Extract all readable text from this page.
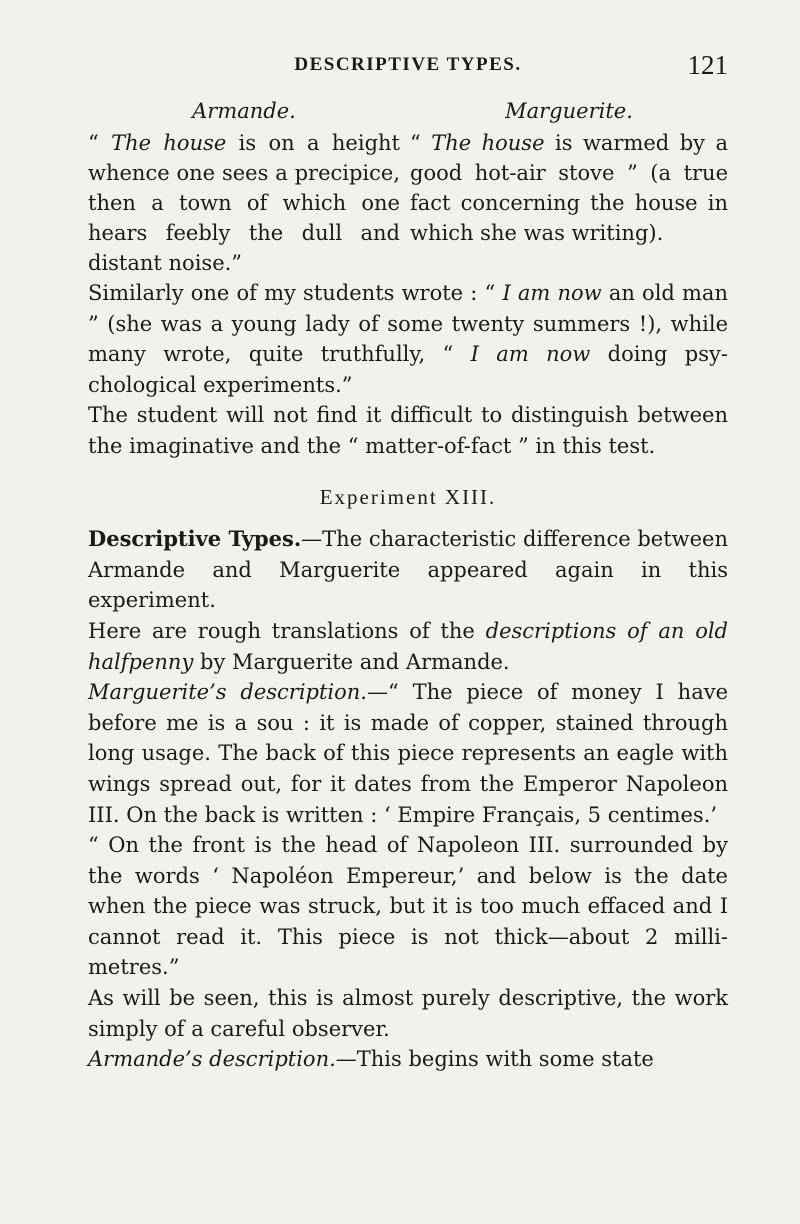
DESCRIPTIVE TYPES.	121
Armande.

“ The house is on a height whence one sees a precipice, then a town of which one hears feebly the dull and distant noise.”

Marguerite.

“ The house is warmed by a good hot-air stove ” (a true fact concerning the house in which she was writing).

Similarly one of my students wrote : “ I am now an old man ” (she was a young lady of some twenty summers !), while many wrote, quite truthfully, “ I am now doing psychological experiments.”

The student will not find it difficult to distinguish between the imaginative and the “ matter-of-fact ” in this test.

Experiment XIII.

Descriptive Types.—The characteristic difference between Armande and Marguerite appeared again in this experiment.

Here are rough translations of the descriptions of an old halfpenny by Marguerite and Armande.

Marguerite’s description.—“ The piece of money I have before me is a sou : it is made of copper, stained through long usage. The back of this piece represents an eagle with wings spread out, for it dates from the Emperor Napoleon III. On the back is written : ‘ Empire Français, 5 centimes.’

“ On the front is the head of Napoleon III. surrounded by the words ‘ Napoléon Empereur,’ and below is the date when the piece was struck, but it is too much effaced and I cannot read it. This piece is not thick—about 2 millimetres.”

As will be seen, this is almost purely descriptive, the work simply of a careful observer.

Armande’s description.—This begins with some state
